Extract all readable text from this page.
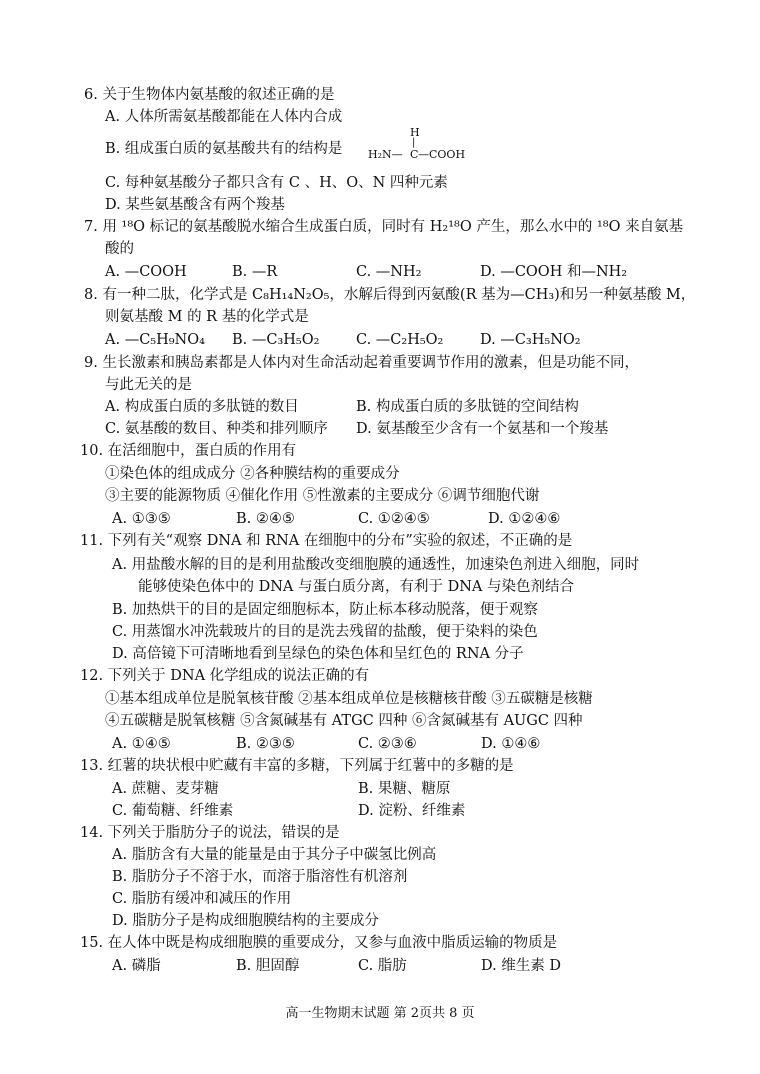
6. 关于生物体内氨基酸的叙述正确的是
A. 人体所需氨基酸都能在人体内合成
B. 组成蛋白质的氨基酸共有的结构是
H
|
H₂N— C —COOH
C. 每种氨基酸分子都只含有 C 、H、O、N 四种元素
D. 某些氨基酸含有两个羧基
7. 用 ¹⁸O 标记的氨基酸脱水缩合生成蛋白质，同时有 H₂¹⁸O 产生，那么水中的 ¹⁸O 来自氨基
酸的
A. —COOH	B. —R	C. —NH₂	D. —COOH 和—NH₂
8. 有一种二肽，化学式是 C₈H₁₄N₂O₅，水解后得到丙氨酸(R 基为—CH₃)和另一种氨基酸 M，
则氨基酸 M 的 R 基的化学式是
A. —C₅H₉NO₄ B. —C₃H₅O₂	C. —C₂H₅O₂	D. —C₃H₅NO₂
9. 生长激素和胰岛素都是人体内对生命活动起着重要调节作用的激素，但是功能不同，
与此无关的是
A. 构成蛋白质的多肽链的数目	B. 构成蛋白质的多肽链的空间结构
C. 氨基酸的数目、种类和排列顺序 D. 氨基酸至少含有一个氨基和一个羧基
10. 在活细胞中，蛋白质的作用有
①染色体的组成成分 ②各种膜结构的重要成分
③主要的能源物质 ④催化作用 ⑤性激素的主要成分 ⑥调节细胞代谢
A. ①③⑤	B. ②④⑤	C. ①②④⑤	D. ①②④⑥
11. 下列有关“观察 DNA 和 RNA 在细胞中的分布”实验的叙述，不正确的是
A. 用盐酸水解的目的是利用盐酸改变细胞膜的通透性，加速染色剂进入细胞，同时
能够使染色体中的 DNA 与蛋白质分离，有利于 DNA 与染色剂结合
B. 加热烘干的目的是固定细胞标本，防止标本移动脱落，便于观察
C. 用蒸馏水冲洗载玻片的目的是洗去残留的盐酸，便于染料的染色
D. 高倍镜下可清晰地看到呈绿色的染色体和呈红色的 RNA 分子
12. 下列关于 DNA 化学组成的说法正确的有
①基本组成单位是脱氧核苷酸 ②基本组成单位是核糖核苷酸 ③五碳糖是核糖
④五碳糖是脱氧核糖 ⑤含氮碱基有 ATGC 四种 ⑥含氮碱基有 AUGC 四种
A. ①④⑤	B. ②③⑤	C. ②③⑥	D. ①④⑥
13. 红薯的块状根中贮藏有丰富的多糖，下列属于红薯中的多糖的是
A. 蔗糖、麦芽糖	B. 果糖、糖原
C. 葡萄糖、纤维素	D. 淀粉、纤维素
14. 下列关于脂肪分子的说法，错误的是
A. 脂肪含有大量的能量是由于其分子中碳氢比例高
B. 脂肪分子不溶于水，而溶于脂溶性有机溶剂
C. 脂肪有缓冲和减压的作用
D. 脂肪分子是构成细胞膜结构的主要成分
15. 在人体中既是构成细胞膜的重要成分，又参与血液中脂质运输的物质是
A. 磷脂	B. 胆固醇	C. 脂肪	D. 维生素 D
高一生物期末试题 第 2页共 8 页
